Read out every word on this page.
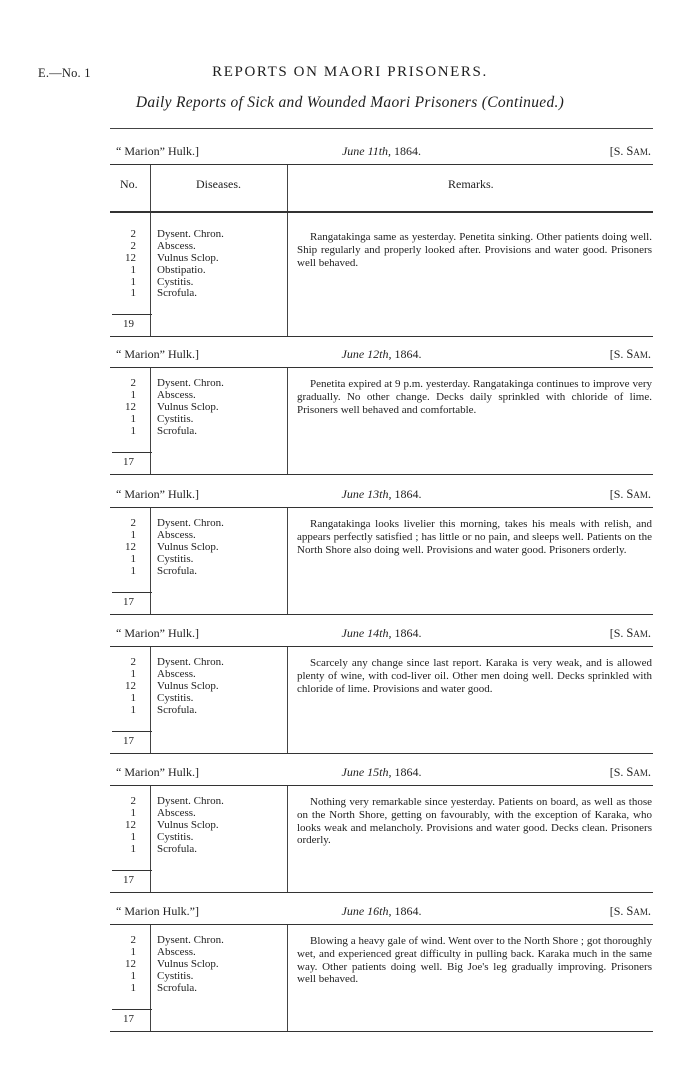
E.—No. 1	REPORTS ON MAORI PRISONERS.
Daily Reports of Sick and Wounded Maori Prisoners (Continued.)
“ Marion” Hulk.]	June 11th, 1864.	[S. Sam.
No.	Diseases.	Remarks.
2 Dysent. Chron.
2 Abscess.
12 Vulnus Sclop.
1 Obstipatio.
1 Cystitis.
1 Scrofula.
19

Rangatakinga same as yesterday. Penetita sinking. Other patients doing well. Ship regularly and properly looked after. Provisions and water good. Prisoners well behaved.

“ Marion” Hulk.]	June 12th, 1864.	[S. Sam.
2 Dysent. Chron.
1 Abscess.
12 Vulnus Sclop.
1 Cystitis.
1 Scrofula.
17

Penetita expired at 9 p.m. yesterday. Rangatakinga continues to improve very gradually. No other change. Decks daily sprinkled with chloride of lime. Prisoners well behaved and comfortable.

“ Marion” Hulk.]	June 13th, 1864.	[S. Sam.
2 Dysent. Chron.
1 Abscess.
12 Vulnus Sclop.
1 Cystitis.
1 Scrofula.
17

Rangatakinga looks livelier this morning, takes his meals with relish, and appears perfectly satisfied ; has little or no pain, and sleeps well. Patients on the North Shore also doing well. Provisions and water good. Prisoners orderly.

“ Marion” Hulk.]	June 14th, 1864.	[S. Sam.
2 Dysent. Chron.
1 Abscess.
12 Vulnus Sclop.
1 Cystitis.
1 Scrofula.
17

Scarcely any change since last report. Karaka is very weak, and is allowed plenty of wine, with cod-liver oil. Other men doing well. Decks sprinkled with chloride of lime. Provisions and water good.

“ Marion” Hulk.]	June 15th, 1864.	[S. Sam.
2 Dysent. Chron.
1 Abscess.
12 Vulnus Sclop.
1 Cystitis.
1 Scrofula.
17

Nothing very remarkable since yesterday. Patients on board, as well as those on the North Shore, getting on favourably, with the exception of Karaka, who looks weak and melancholy. Provisions and water good. Decks clean. Prisoners orderly.

“ Marion Hulk.”]	June 16th, 1864.	[S. Sam.
2 Dysent. Chron.
1 Abscess.
12 Vulnus Sclop.
1 Cystitis.
1 Scrofula.
17

Blowing a heavy gale of wind. Went over to the North Shore ; got thoroughly wet, and experienced great difficulty in pulling back. Karaka much in the same way. Other patients doing well. Big Joe's leg gradually improving. Prisoners well behaved.
